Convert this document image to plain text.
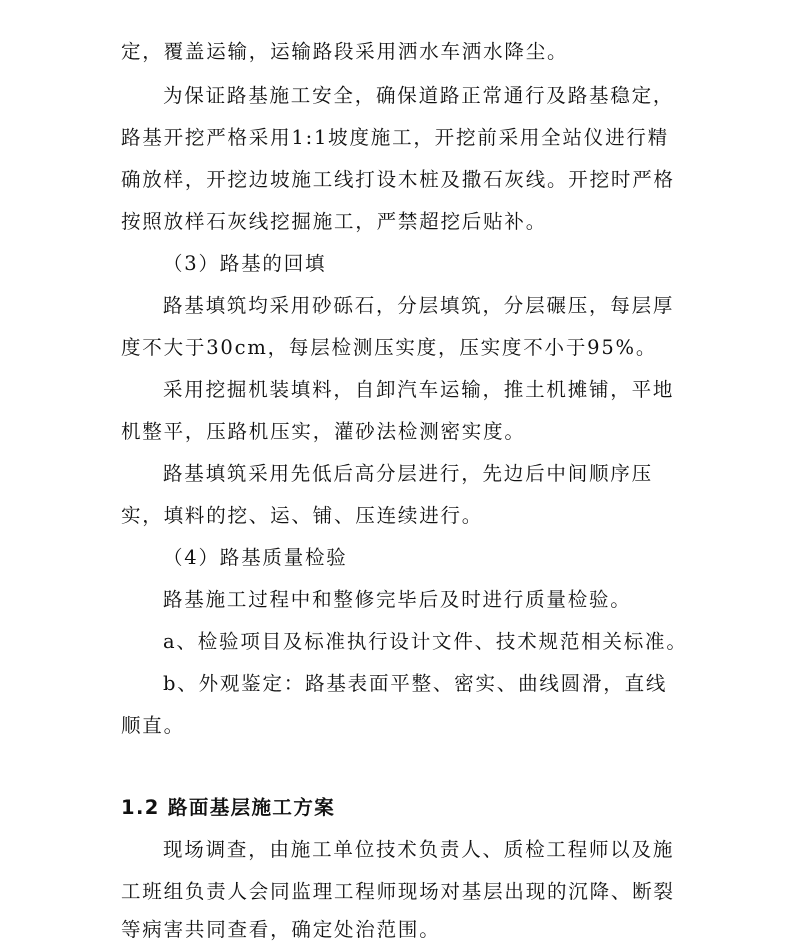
定，覆盖运输，运输路段采用洒水车洒水降尘。
为保证路基施工安全，确保道路正常通行及路基稳定，
路基开挖严格采用1:1坡度施工，开挖前采用全站仪进行精
确放样，开挖边坡施工线打设木桩及撒石灰线。开挖时严格
按照放样石灰线挖掘施工，严禁超挖后贴补。
（3）路基的回填
路基填筑均采用砂砾石，分层填筑，分层碾压，每层厚
度不大于30cm，每层检测压实度，压实度不小于95%。
采用挖掘机装填料，自卸汽车运输，推土机摊铺，平地
机整平，压路机压实，灌砂法检测密实度。
路基填筑采用先低后高分层进行，先边后中间顺序压
实，填料的挖、运、铺、压连续进行。
（4）路基质量检验
路基施工过程中和整修完毕后及时进行质量检验。
a、检验项目及标准执行设计文件、技术规范相关标准。
b、外观鉴定：路基表面平整、密实、曲线圆滑，直线
顺直。
1.2 路面基层施工方案
现场调查，由施工单位技术负责人、质检工程师以及施
工班组负责人会同监理工程师现场对基层出现的沉降、断裂
等病害共同查看，确定处治范围。
